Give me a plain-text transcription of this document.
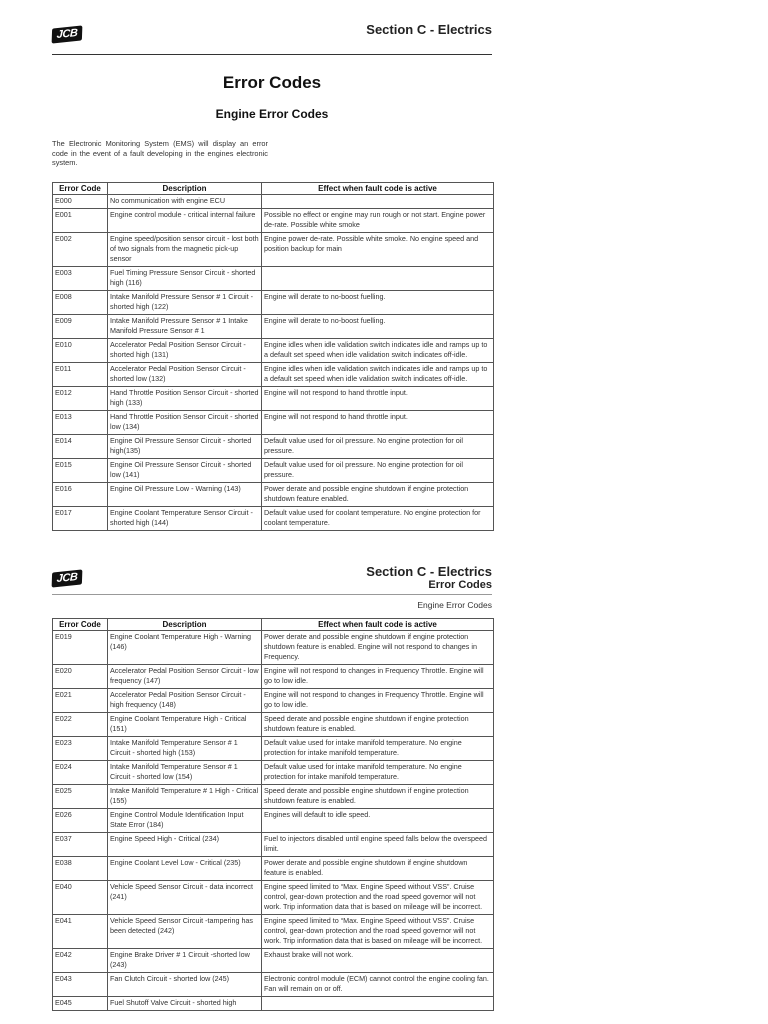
JCB	Section C - Electrics
Error Codes
Engine Error Codes
The Electronic Monitoring System (EMS) will display an error code in the event of a fault developing in the engines electronic system.
Error Code	Description	Effect when fault code is active
E000	No communication with engine ECU	
E001	Engine control module - critical internal failure	Possible no effect or engine may run rough or not start. Engine power de-rate. Possible white smoke
E002	Engine speed/position sensor circuit - lost both of two signals from the magnetic pick-up sensor	Engine power de-rate. Possible white smoke. No engine speed and position backup for main
E003	Fuel Timing Pressure Sensor Circuit - shorted high (116)	
E008	Intake Manifold Pressure Sensor # 1 Circuit - shorted high (122)	Engine will derate to no-boost fuelling.
E009	Intake Manifold Pressure Sensor # 1 Intake Manifold Pressure Sensor # 1	Engine will derate to no-boost fuelling.
E010	Accelerator Pedal Position Sensor Circuit - shorted high (131)	Engine idles when idle validation switch indicates idle and ramps up to a default set speed when idle validation switch indicates off-idle.
E011	Accelerator Pedal Position Sensor Circuit - shorted low (132)	Engine idles when idle validation switch indicates idle and ramps up to a default set speed when idle validation switch indicates off-idle.
E012	Hand Throttle Position Sensor Circuit - shorted high (133)	Engine will not respond to hand throttle input.
E013	Hand Throttle Position Sensor Circuit - shorted low (134)	Engine will not respond to hand throttle input.
E014	Engine Oil Pressure Sensor Circuit - shorted high(135)	Default value used for oil pressure. No engine protection for oil pressure.
E015	Engine Oil Pressure Sensor Circuit - shorted low (141)	Default value used for oil pressure. No engine protection for oil pressure.
E016	Engine Oil Pressure Low - Warning (143)	Power derate and possible engine shutdown if engine protection shutdown feature enabled.
E017	Engine Coolant Temperature Sensor Circuit - shorted high (144)	Default value used for coolant temperature. No engine protection for coolant temperature.
JCB	Section C - Electrics
Error Codes
Engine Error Codes
Error Code	Description	Effect when fault code is active
E019	Engine Coolant Temperature High - Warning (146)	Power derate and possible engine shutdown if engine protection shutdown feature is enabled. Engine will not respond to changes in Frequency.
E020	Accelerator Pedal Position Sensor Circuit - low frequency (147)	Engine will not respond to changes in Frequency Throttle. Engine will go to low idle.
E021	Accelerator Pedal Position Sensor Circuit - high frequency (148)	Engine will not respond to changes in Frequency Throttle. Engine will go to low idle.
E022	Engine Coolant Temperature High - Critical (151)	Speed derate and possible engine shutdown if engine protection shutdown feature is enabled.
E023	Intake Manifold Temperature Sensor # 1 Circuit - shorted high (153)	Default value used for intake manifold temperature. No engine protection for intake manifold temperature.
E024	Intake Manifold Temperature Sensor # 1 Circuit - shorted low (154)	Default value used for intake manifold temperature. No engine protection for intake manifold temperature.
E025	Intake Manifold Temperature # 1 High - Critical (155)	Speed derate and possible engine shutdown if engine protection shutdown feature is enabled.
E026	Engine Control Module Identification Input State Error (184)	Engines will default to idle speed.
E037	Engine Speed High - Critical (234)	Fuel to injectors disabled until engine speed falls below the overspeed limit.
E038	Engine Coolant Level Low - Critical (235)	Power derate and possible engine shutdown if engine shutdown feature is enabled.
E040	Vehicle Speed Sensor Circuit - data incorrect (241)	Engine speed limited to “Max. Engine Speed without VSS”. Cruise control, gear-down protection and the road speed governor will not work. Trip information data that is based on mileage will be incorrect.
E041	Vehicle Speed Sensor Circuit -tampering has been detected (242)	Engine speed limited to “Max. Engine Speed without VSS”. Cruise control, gear-down protection and the road speed governor will not work. Trip information data that is based on mileage will be incorrect.
E042	Engine Brake Driver # 1 Circuit -shorted low (243)	Exhaust brake will not work.
E043	Fan Clutch Circuit - shorted low (245)	Electronic control module (ECM) cannot control the engine cooling fan. Fan will remain on or off.
E045	Fuel Shutoff Valve Circuit - shorted high	
